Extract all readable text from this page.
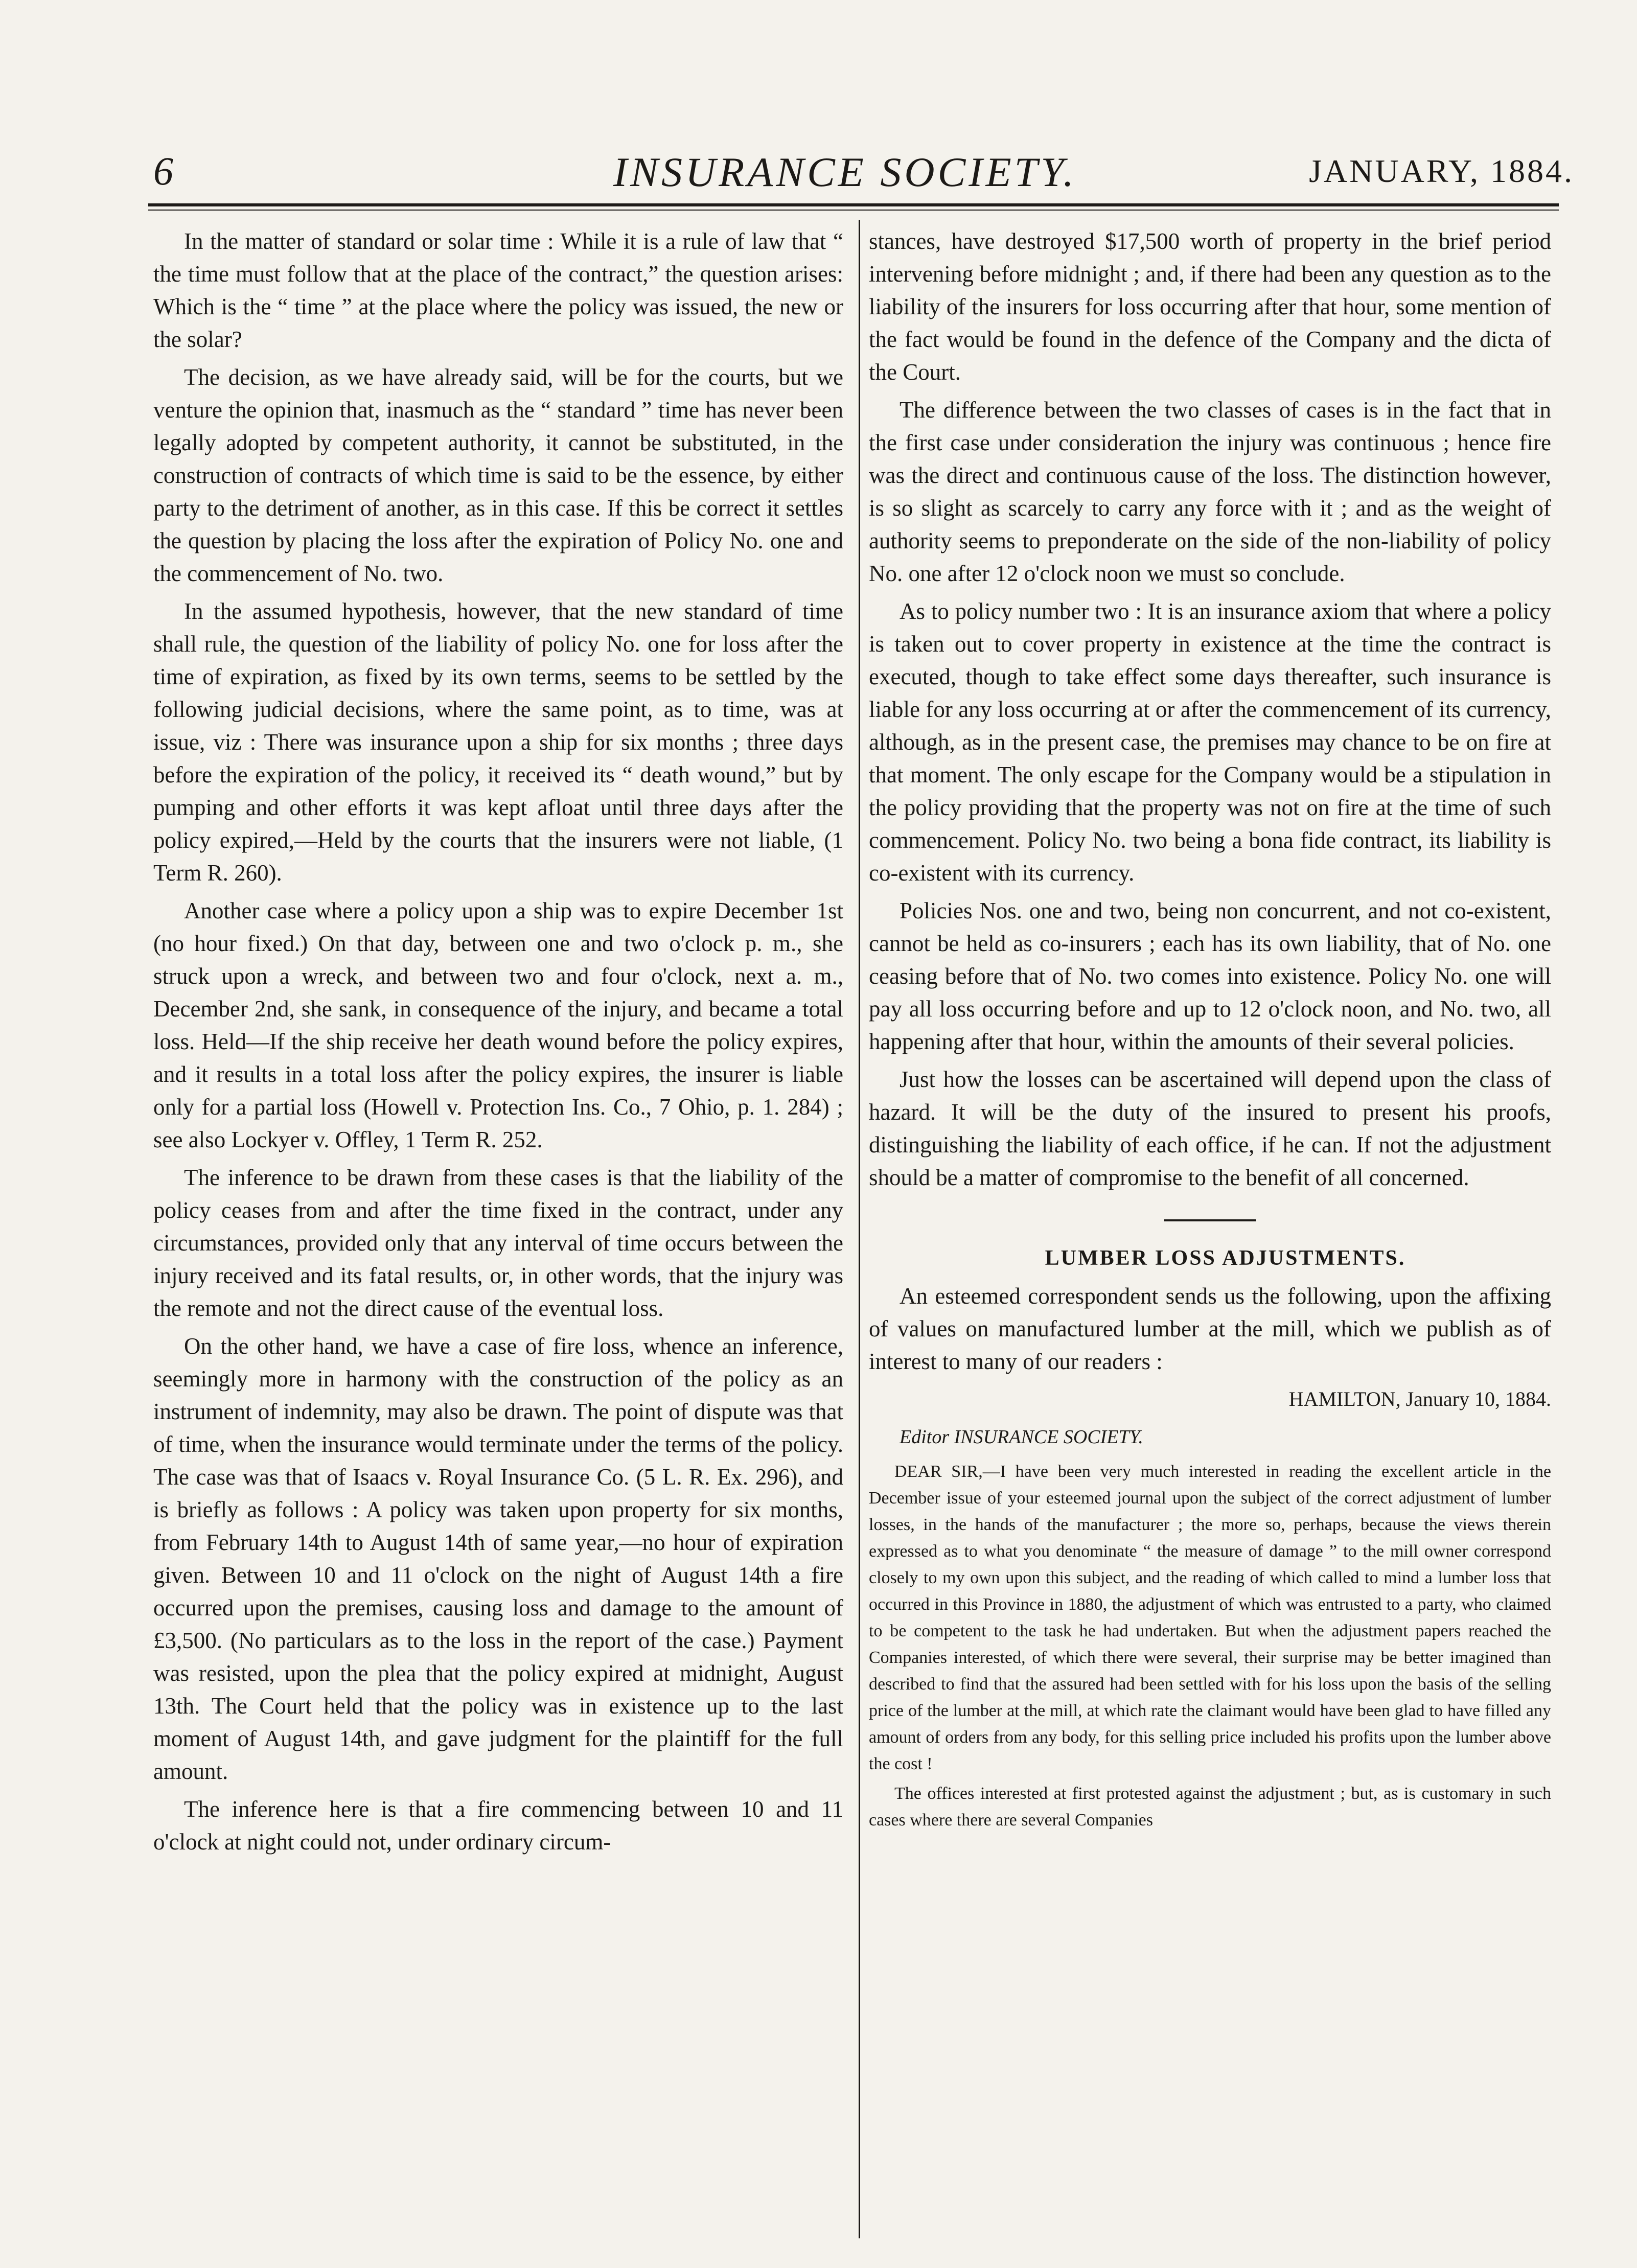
6	INSURANCE SOCIETY.	JANUARY, 1884.

In the matter of standard or solar time : While it is a rule of law that “ the time must follow that at the place of the contract,” the question arises: Which is the “ time ” at the place where the policy was issued, the new or the solar?

The decision, as we have already said, will be for the courts, but we venture the opinion that, inasmuch as the “ standard ” time has never been legally adopted by competent authority, it cannot be substituted, in the construction of contracts of which time is said to be the essence, by either party to the detriment of another, as in this case. If this be correct it settles the question by placing the loss after the expiration of Policy No. one and the commencement of No. two.

In the assumed hypothesis, however, that the new standard of time shall rule, the question of the liability of policy No. one for loss after the time of expiration, as fixed by its own terms, seems to be settled by the following judicial decisions, where the same point, as to time, was at issue, viz : There was insurance upon a ship for six months ; three days before the expiration of the policy, it received its “ death wound,” but by pumping and other efforts it was kept afloat until three days after the policy expired,—Held by the courts that the insurers were not liable, (1 Term R. 260).

Another case where a policy upon a ship was to expire December 1st (no hour fixed.) On that day, between one and two o'clock p. m., she struck upon a wreck, and between two and four o'clock, next a. m., December 2nd, she sank, in consequence of the injury, and became a total loss. Held—If the ship receive her death wound before the policy expires, and it results in a total loss after the policy expires, the insurer is liable only for a partial loss (Howell v. Protection Ins. Co., 7 Ohio, p. 1. 284) ; see also Lockyer v. Offley, 1 Term R. 252.

The inference to be drawn from these cases is that the liability of the policy ceases from and after the time fixed in the contract, under any circumstances, provided only that any interval of time occurs between the injury received and its fatal results, or, in other words, that the injury was the remote and not the direct cause of the eventual loss.

On the other hand, we have a case of fire loss, whence an inference, seemingly more in harmony with the construction of the policy as an instrument of indemnity, may also be drawn. The point of dispute was that of time, when the insurance would terminate under the terms of the policy. The case was that of Isaacs v. Royal Insurance Co. (5 L. R. Ex. 296), and is briefly as follows : A policy was taken upon property for six months, from February 14th to August 14th of same year,—no hour of expiration given. Between 10 and 11 o'clock on the night of August 14th a fire occurred upon the premises, causing loss and damage to the amount of £3,500. (No particulars as to the loss in the report of the case.) Payment was resisted, upon the plea that the policy expired at midnight, August 13th. The Court held that the policy was in existence up to the last moment of August 14th, and gave judgment for the plaintiff for the full amount.

The inference here is that a fire commencing between 10 and 11 o'clock at night could not, under ordinary circum-

stances, have destroyed $17,500 worth of property in the brief period intervening before midnight ; and, if there had been any question as to the liability of the insurers for loss occurring after that hour, some mention of the fact would be found in the defence of the Company and the dicta of the Court.

The difference between the two classes of cases is in the fact that in the first case under consideration the injury was continuous ; hence fire was the direct and continuous cause of the loss. The distinction however, is so slight as scarcely to carry any force with it ; and as the weight of authority seems to preponderate on the side of the non-liability of policy No. one after 12 o'clock noon we must so conclude.

As to policy number two : It is an insurance axiom that where a policy is taken out to cover property in existence at the time the contract is executed, though to take effect some days thereafter, such insurance is liable for any loss occurring at or after the commencement of its currency, although, as in the present case, the premises may chance to be on fire at that moment. The only escape for the Company would be a stipulation in the policy providing that the property was not on fire at the time of such commencement. Policy No. two being a bona fide contract, its liability is co-existent with its currency.

Policies Nos. one and two, being non concurrent, and not co-existent, cannot be held as co-insurers ; each has its own liability, that of No. one ceasing before that of No. two comes into existence. Policy No. one will pay all loss occurring before and up to 12 o'clock noon, and No. two, all happening after that hour, within the amounts of their several policies.

Just how the losses can be ascertained will depend upon the class of hazard. It will be the duty of the insured to present his proofs, distinguishing the liability of each office, if he can. If not the adjustment should be a matter of compromise to the benefit of all concerned.

LUMBER LOSS ADJUSTMENTS.

An esteemed correspondent sends us the following, upon the affixing of values on manufactured lumber at the mill, which we publish as of interest to many of our readers :

HAMILTON, January 10, 1884.

Editor INSURANCE SOCIETY.

DEAR SIR,—I have been very much interested in reading the excellent article in the December issue of your esteemed journal upon the subject of the correct adjustment of lumber losses, in the hands of the manufacturer ; the more so, perhaps, because the views therein expressed as to what you denominate “ the measure of damage ” to the mill owner correspond closely to my own upon this subject, and the reading of which called to mind a lumber loss that occurred in this Province in 1880, the adjustment of which was entrusted to a party, who claimed to be competent to the task he had undertaken. But when the adjustment papers reached the Companies interested, of which there were several, their surprise may be better imagined than described to find that the assured had been settled with for his loss upon the basis of the selling price of the lumber at the mill, at which rate the claimant would have been glad to have filled any amount of orders from any body, for this selling price included his profits upon the lumber above the cost !

The offices interested at first protested against the adjustment ; but, as is customary in such cases where there are several Companies
